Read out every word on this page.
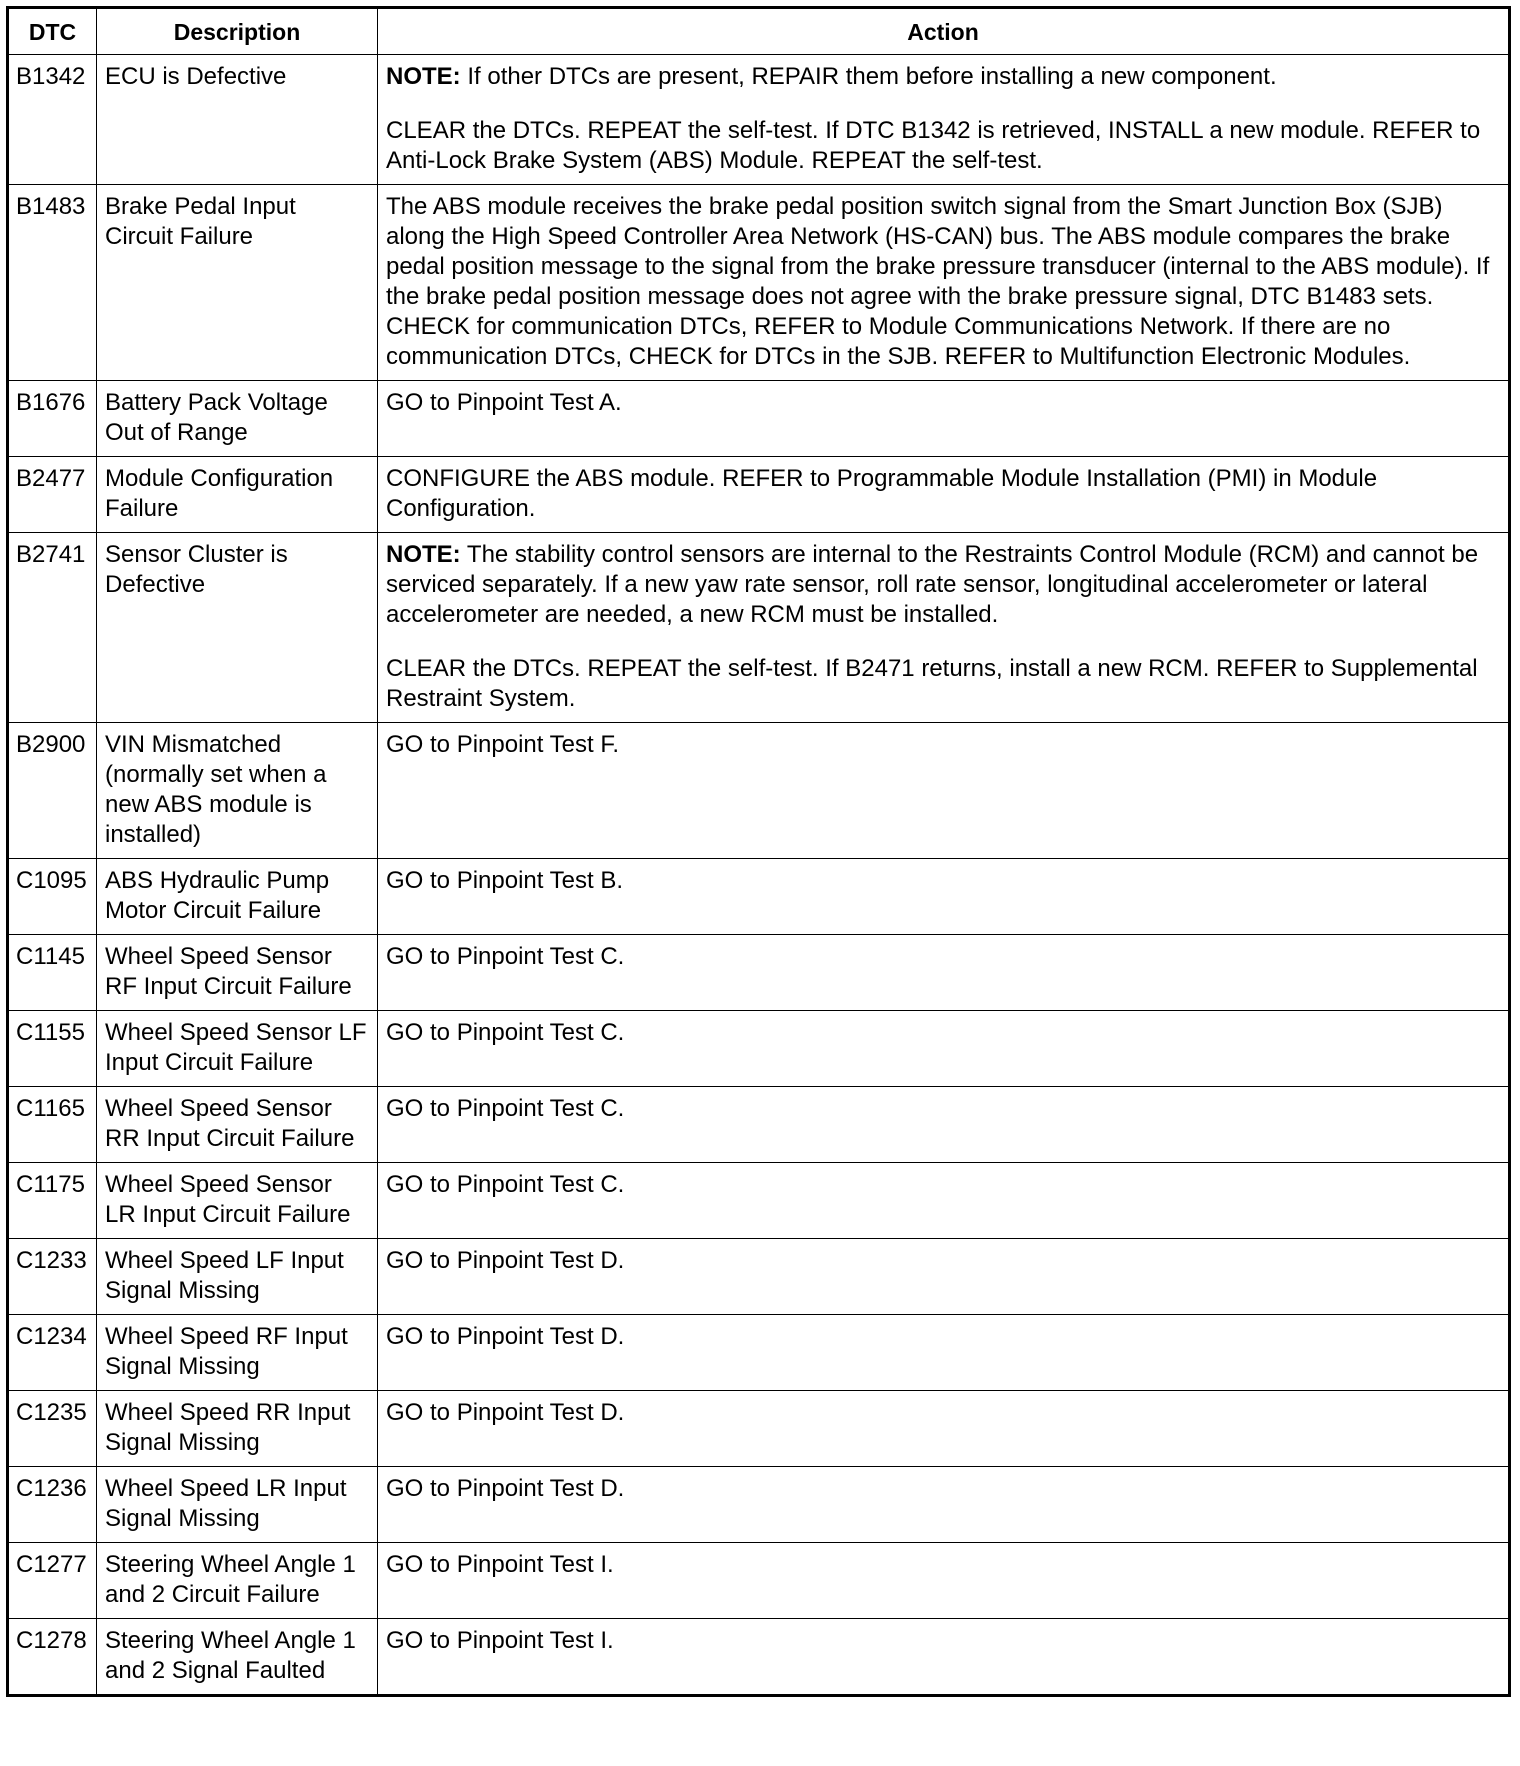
DTC	Description	Action
B1342	ECU is Defective	NOTE: If other DTCs are present, REPAIR them before installing a new component.

CLEAR the DTCs. REPEAT the self-test. If DTC B1342 is retrieved, INSTALL a new module. REFER to Anti-Lock Brake System (ABS) Module. REPEAT the self-test.

B1483	Brake Pedal Input Circuit Failure	The ABS module receives the brake pedal position switch signal from the Smart Junction Box (SJB) along the High Speed Controller Area Network (HS-CAN) bus. The ABS module compares the brake pedal position message to the signal from the brake pressure transducer (internal to the ABS module). If the brake pedal position message does not agree with the brake pressure signal, DTC B1483 sets. CHECK for communication DTCs, REFER to Module Communications Network. If there are no communication DTCs, CHECK for DTCs in the SJB. REFER to Multifunction Electronic Modules.

B1676	Battery Pack Voltage Out of Range	GO to Pinpoint Test A.

B2477	Module Configuration Failure	CONFIGURE the ABS module. REFER to Programmable Module Installation (PMI) in Module Configuration.

B2741	Sensor Cluster is Defective	NOTE: The stability control sensors are internal to the Restraints Control Module (RCM) and cannot be serviced separately. If a new yaw rate sensor, roll rate sensor, longitudinal accelerometer or lateral accelerometer are needed, a new RCM must be installed.

CLEAR the DTCs. REPEAT the self-test. If B2471 returns, install a new RCM. REFER to Supplemental Restraint System.

B2900	VIN Mismatched (normally set when a new ABS module is installed)	GO to Pinpoint Test F.

C1095	ABS Hydraulic Pump Motor Circuit Failure	GO to Pinpoint Test B.

C1145	Wheel Speed Sensor RF Input Circuit Failure	GO to Pinpoint Test C.

C1155	Wheel Speed Sensor LF Input Circuit Failure	GO to Pinpoint Test C.

C1165	Wheel Speed Sensor RR Input Circuit Failure	GO to Pinpoint Test C.

C1175	Wheel Speed Sensor LR Input Circuit Failure	GO to Pinpoint Test C.

C1233	Wheel Speed LF Input Signal Missing	GO to Pinpoint Test D.

C1234	Wheel Speed RF Input Signal Missing	GO to Pinpoint Test D.

C1235	Wheel Speed RR Input Signal Missing	GO to Pinpoint Test D.

C1236	Wheel Speed LR Input Signal Missing	GO to Pinpoint Test D.

C1277	Steering Wheel Angle 1 and 2 Circuit Failure	GO to Pinpoint Test I.

C1278	Steering Wheel Angle 1 and 2 Signal Faulted	GO to Pinpoint Test I.
